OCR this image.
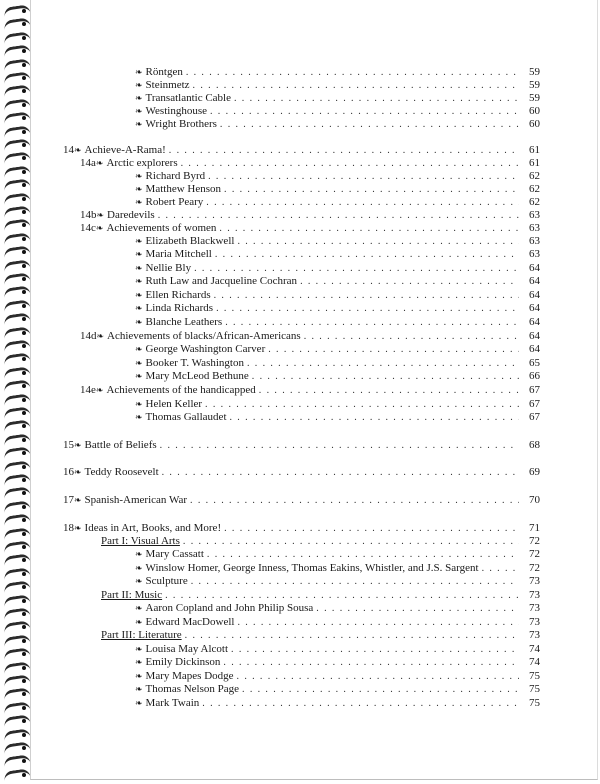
❧ Röntgen . . .	59
❧ Steinmetz . . .	59
❧ Transatlantic Cable . . .	59
❧ Westinghouse . . .	60
❧ Wright Brothers . . .	60
14❧ Achieve-A-Rama! . . .	61
14a❧ Arctic explorers . . .	61
❧ Richard Byrd . . .	62
❧ Matthew Henson . . .	62
❧ Robert Peary . . .	62
14b❧ Daredevils . . .	63
14c❧ Achievements of women . . .	63
❧ Elizabeth Blackwell . . .	63
❧ Maria Mitchell . . .	63
❧ Nellie Bly . . .	64
❧ Ruth Law and Jacqueline Cochran . . .	64
❧ Ellen Richards . . .	64
❧ Linda Richards . . .	64
❧ Blanche Leathers . . .	64
14d❧ Achievements of blacks/African-Americans . . .	64
❧ George Washington Carver . . .	64
❧ Booker T. Washington . . .	65
❧ Mary McLeod Bethune . . .	66
14e❧ Achievements of the handicapped . . .	67
❧ Helen Keller . . .	67
❧ Thomas Gallaudet . . .	67
15❧ Battle of Beliefs . . .	68
16❧ Teddy Roosevelt . . .	69
17❧ Spanish-American War . . .	70
18❧ Ideas in Art, Books, and More! . . .	71
Part I: Visual Arts . . .	72
❧ Mary Cassatt . . .	72
❧ Winslow Homer, George Inness, Thomas Eakins, Whistler, and J.S. Sargent . . .	72
❧ Sculpture . . .	73
Part II: Music . . .	73
❧ Aaron Copland and John Philip Sousa . . .	73
❧ Edward MacDowell . . .	73
Part III: Literature . . .	73
❧ Louisa May Alcott . . .	74
❧ Emily Dickinson . . .	74
❧ Mary Mapes Dodge . . .	75
❧ Thomas Nelson Page . . .	75
❧ Mark Twain . . .	75
